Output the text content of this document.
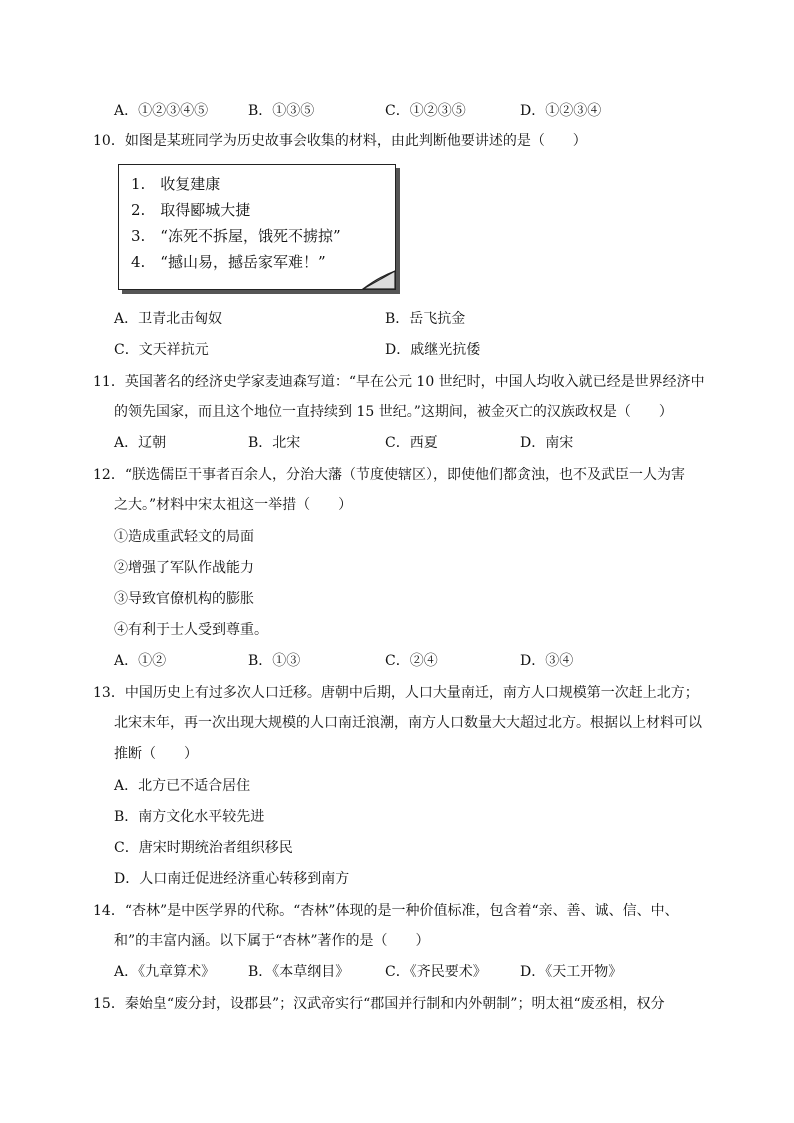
A．①②③④⑤	B．①③⑤	C．①②③⑤	D．①②③④
10．如图是某班同学为历史故事会收集的材料，由此判断他要讲述的是（　　）
1.　收复建康
2.　取得郾城大捷
3.　“冻死不拆屋，饿死不掳掠”
4.　“撼山易，撼岳家军难！”
A．卫青北击匈奴	B．岳飞抗金
C．文天祥抗元	D．戚继光抗倭
11．英国著名的经济史学家麦迪森写道：“早在公元 10 世纪时，中国人均收入就已经是世界经济中
的领先国家，而且这个地位一直持续到 15 世纪。”这期间，被金灭亡的汉族政权是（　　）
A．辽朝	B．北宋	C．西夏	D．南宋
12．“朕选儒臣干事者百余人，分治大藩（节度使辖区），即使他们都贪浊，也不及武臣一人为害
之大。”材料中宋太祖这一举措（　　）
①造成重武轻文的局面
②增强了军队作战能力
③导致官僚机构的膨胀
④有利于士人受到尊重。
A．①②	B．①③	C．②④	D．③④
13．中国历史上有过多次人口迁移。唐朝中后期，人口大量南迁，南方人口规模第一次赶上北方；
北宋末年，再一次出现大规模的人口南迁浪潮，南方人口数量大大超过北方。根据以上材料可以
推断（　　）
A．北方已不适合居住
B．南方文化水平较先进
C．唐宋时期统治者组织移民
D．人口南迁促进经济重心转移到南方
14．“杏林”是中医学界的代称。“杏林”体现的是一种价值标准，包含着“亲、善、诚、信、中、
和”的丰富内涵。以下属于“杏林”著作的是（　　）
A．《九章算术》 B．《本草纲目》	C．《齐民要术》 D．《天工开物》
15．秦始皇“废分封，设郡县”；汉武帝实行“郡国并行制和内外朝制”；明太祖“废丞相，权分
